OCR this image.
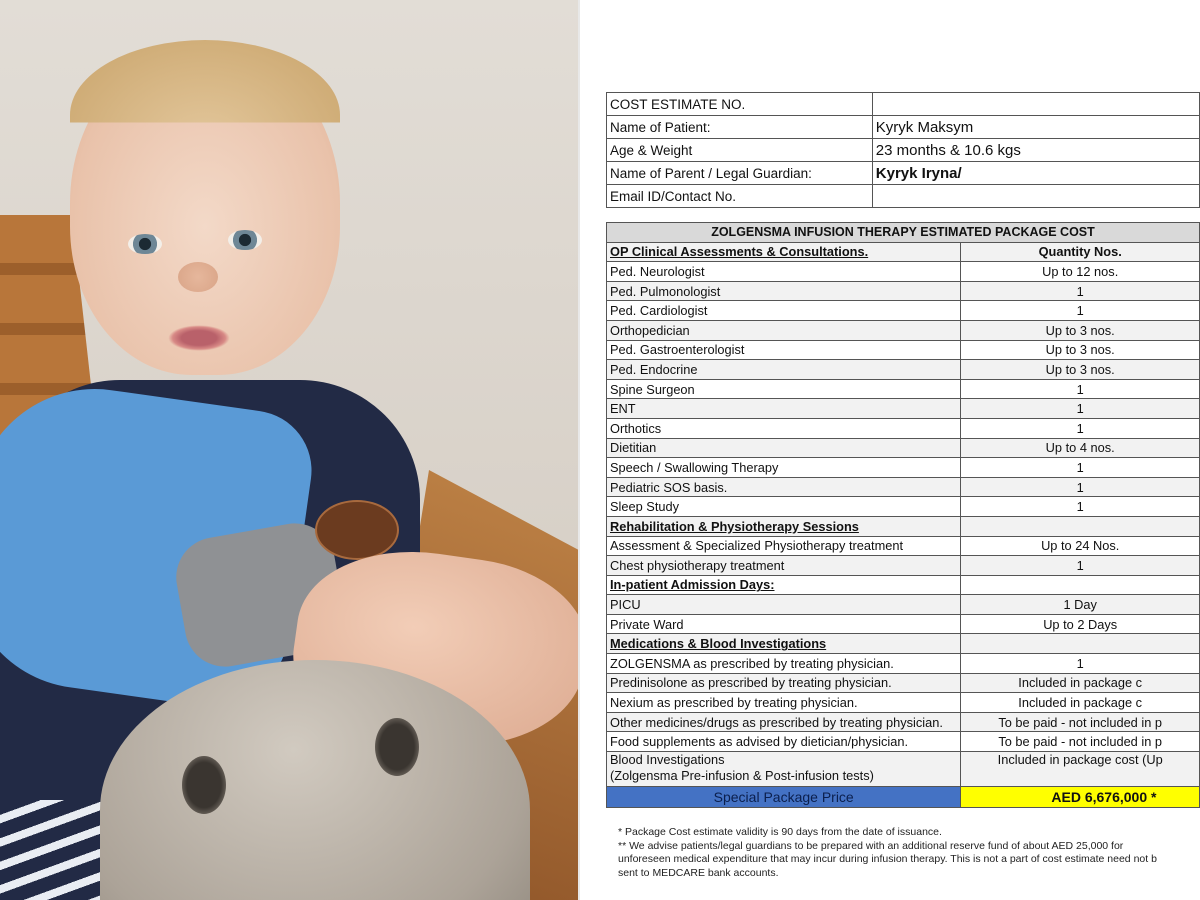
COST ESTIMATE NO.	
Name of Patient:	Kyryk Maksym
Age & Weight	23 months & 10.6 kgs
Name of Parent / Legal Guardian:	Kyryk Iryna/
Email ID/Contact No.	
ZOLGENSMA INFUSION THERAPY ESTIMATED PACKAGE COST	
OP Clinical Assessments & Consultations.	Quantity Nos.
Ped. Neurologist	Up to 12 nos.
Ped. Pulmonologist	1
Ped. Cardiologist	1
Orthopedician	Up to 3 nos.
Ped. Gastroenterologist	Up to 3 nos.
Ped. Endocrine	Up to 3 nos.
Spine Surgeon	1
ENT	1
Orthotics	1
Dietitian	Up to 4 nos.
Speech / Swallowing Therapy	1
Pediatric SOS basis.	1
Sleep Study	1
Rehabilitation & Physiotherapy Sessions	
Assessment & Specialized Physiotherapy treatment	Up to 24 Nos.
Chest physiotherapy treatment	1
In-patient Admission Days:	
PICU	1 Day
Private Ward	Up to 2 Days
Medications & Blood Investigations	
ZOLGENSMA as prescribed by treating physician.	1
Predinisolone as prescribed by treating physician.	Included in package c
Nexium as prescribed by treating physician.	Included in package c
Other medicines/drugs as prescribed by treating physician.	To be paid - not included in p
Food supplements as advised by dietician/physician.	To be paid - not included in p

Blood Investigations
(Zolgensma Pre-infusion & Post-infusion tests)	Included in package cost (Up
Special Package Price	AED 6,676,000 *

* Package Cost estimate validity is 90 days from the date of issuance.

** We advise patients/legal guardians to be prepared with an additional reserve fund of about AED 25,000 for

unforeseen medical expenditure that may incur during infusion therapy. This is not a part of cost estimate need not b

sent to MEDCARE bank accounts.
